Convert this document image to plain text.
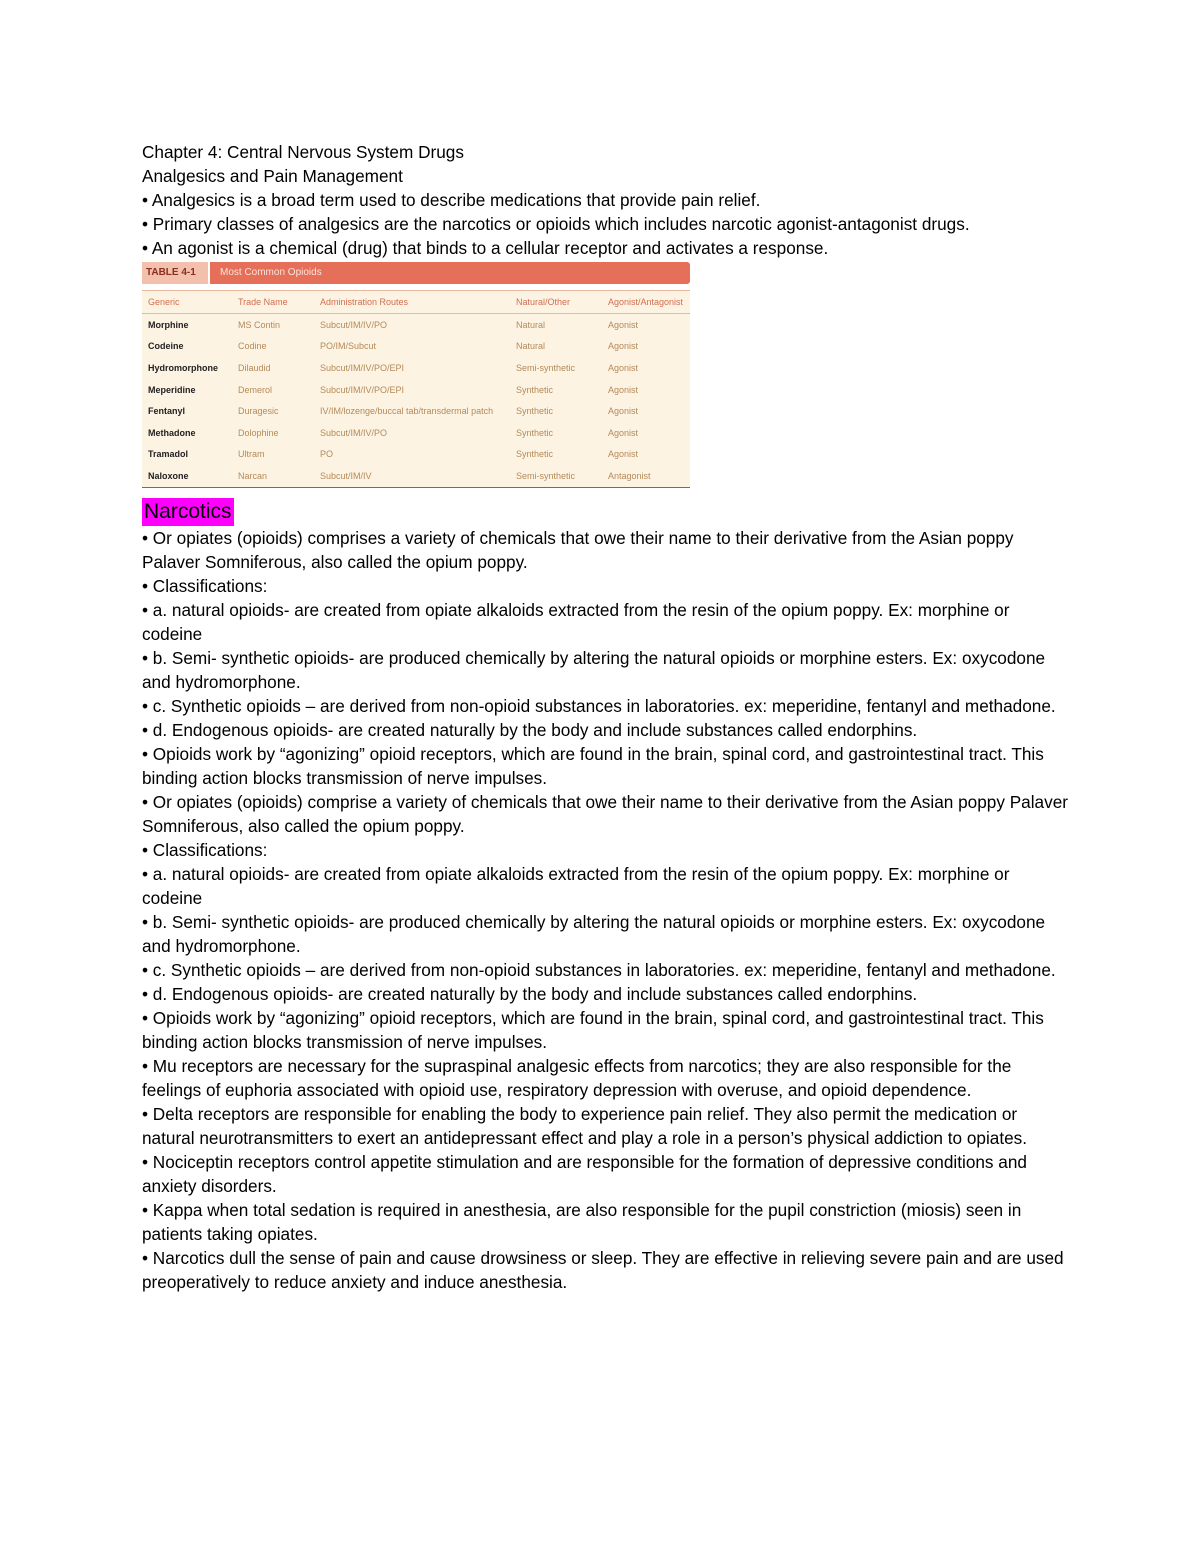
Chapter 4: Central Nervous System Drugs
Analgesics and Pain Management
• Analgesics is a broad term used to describe medications that provide pain relief.
• Primary classes of analgesics are the narcotics or opioids which includes narcotic agonist-antagonist drugs.
• An agonist is a chemical (drug) that binds to a cellular receptor and activates a response.
TABLE 4-1	Most Common Opioids
Generic	Trade Name	Administration Routes	Natural/Other	Agonist/Antagonist
Morphine	MS Contin	Subcut/IM/IV/PO	Natural	Agonist
Codeine	Codine	PO/IM/Subcut	Natural	Agonist
Hydromorphone	Dilaudid	Subcut/IM/IV/PO/EPI	Semi-synthetic	Agonist
Meperidine	Demerol	Subcut/IM/IV/PO/EPI	Synthetic	Agonist
Fentanyl	Duragesic	IV/IM/lozenge/buccal tab/transdermal patch	Synthetic	Agonist
Methadone	Dolophine	Subcut/IM/IV/PO	Synthetic	Agonist
Tramadol	Ultram	PO	Synthetic	Agonist
Naloxone	Narcan	Subcut/IM/IV	Semi-synthetic	Antagonist
Narcotics
• Or opiates (opioids) comprises a variety of chemicals that owe their name to their derivative from the Asian poppy Palaver Somniferous, also called the opium poppy.
• Classifications:
• a. natural opioids- are created from opiate alkaloids extracted from the resin of the opium poppy. Ex: morphine or codeine
• b. Semi- synthetic opioids- are produced chemically by altering the natural opioids or morphine esters. Ex: oxycodone and hydromorphone.
• c. Synthetic opioids – are derived from non-opioid substances in laboratories. ex: meperidine, fentanyl and methadone.
• d. Endogenous opioids- are created naturally by the body and include substances called endorphins.
• Opioids work by “agonizing” opioid receptors, which are found in the brain, spinal cord, and gastrointestinal tract. This binding action blocks transmission of nerve impulses.
• Or opiates (opioids) comprise a variety of chemicals that owe their name to their derivative from the Asian poppy Palaver Somniferous, also called the opium poppy.
• Classifications:
• a. natural opioids- are created from opiate alkaloids extracted from the resin of the opium poppy. Ex: morphine or codeine
• b. Semi- synthetic opioids- are produced chemically by altering the natural opioids or morphine esters. Ex: oxycodone and hydromorphone.
• c. Synthetic opioids – are derived from non-opioid substances in laboratories. ex: meperidine, fentanyl and methadone.
• d. Endogenous opioids- are created naturally by the body and include substances called endorphins.
• Opioids work by “agonizing” opioid receptors, which are found in the brain, spinal cord, and gastrointestinal tract. This binding action blocks transmission of nerve impulses.
• Mu receptors are necessary for the supraspinal analgesic effects from narcotics; they are also responsible for the feelings of euphoria associated with opioid use, respiratory depression with overuse, and opioid dependence.
• Delta receptors are responsible for enabling the body to experience pain relief. They also permit the medication or natural neurotransmitters to exert an antidepressant effect and play a role in a person’s physical addiction to opiates.
• Nociceptin receptors control appetite stimulation and are responsible for the formation of depressive conditions and anxiety disorders.
• Kappa when total sedation is required in anesthesia, are also responsible for the pupil constriction (miosis) seen in patients taking opiates.
• Narcotics dull the sense of pain and cause drowsiness or sleep. They are effective in relieving severe pain and are used preoperatively to reduce anxiety and induce anesthesia.
